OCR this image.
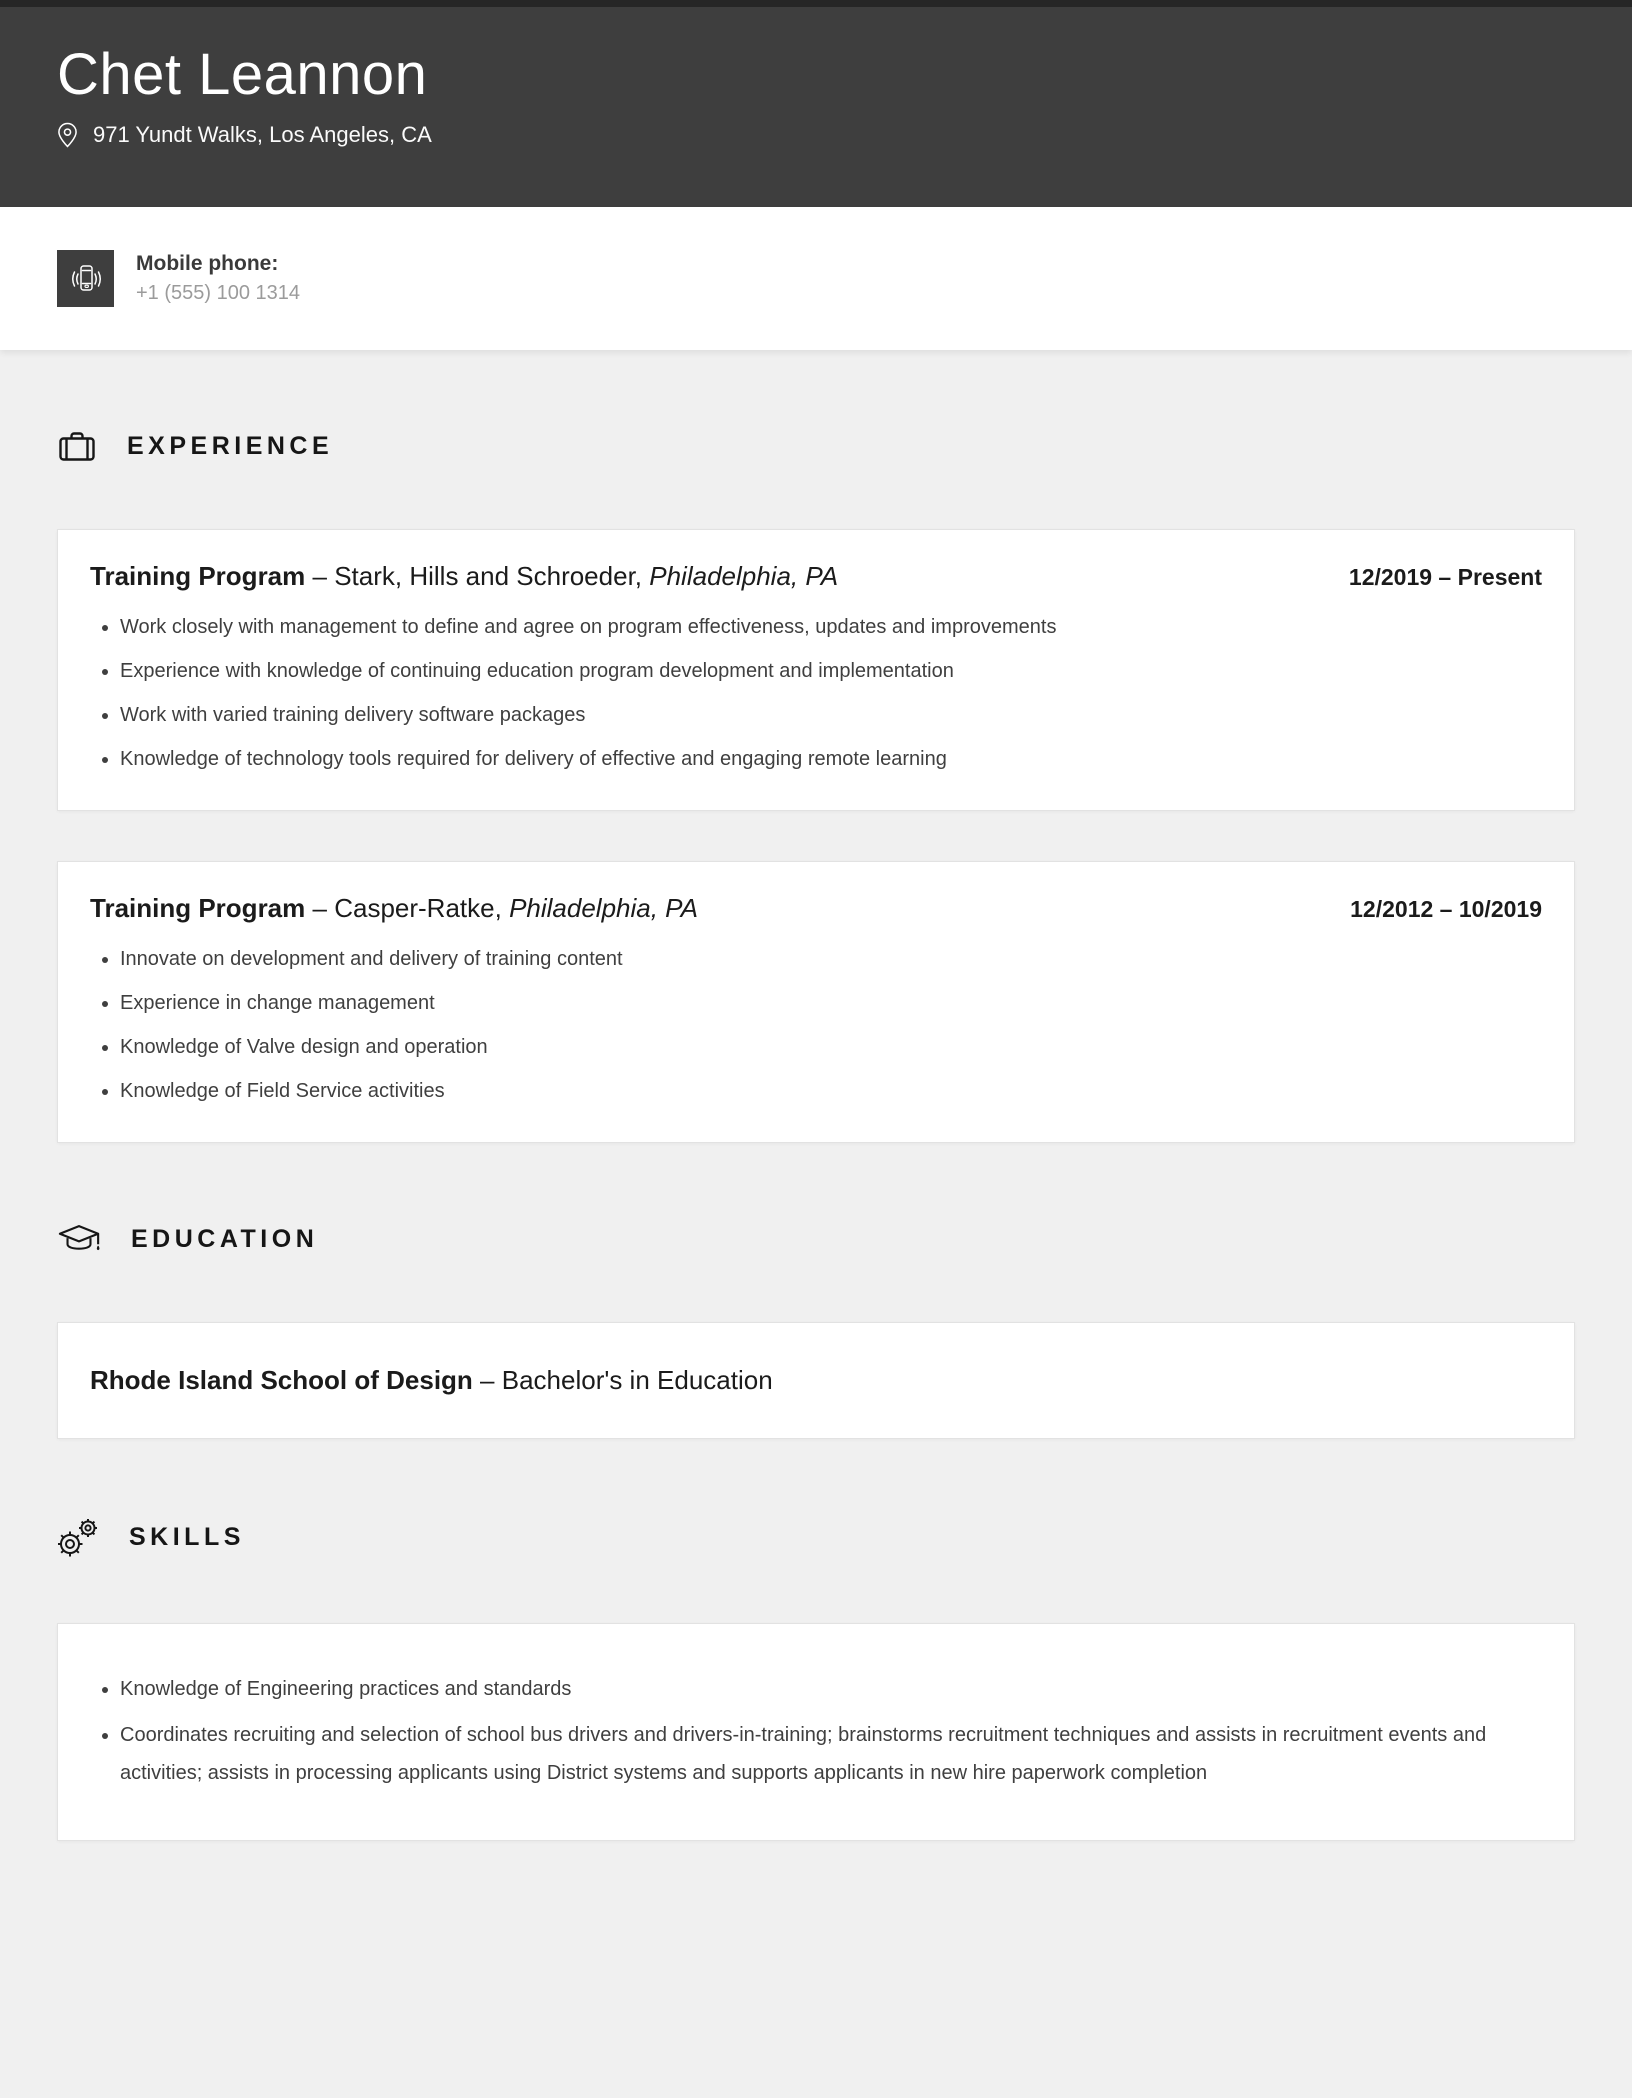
Chet Leannon
971 Yundt Walks, Los Angeles, CA
Mobile phone:
+1 (555) 100 1314
EXPERIENCE
Training Program – Stark, Hills and Schroeder, Philadelphia, PA	12/2019 – Present
• Work closely with management to define and agree on program effectiveness, updates and improvements
• Experience with knowledge of continuing education program development and implementation
• Work with varied training delivery software packages
• Knowledge of technology tools required for delivery of effective and engaging remote learning
Training Program – Casper-Ratke, Philadelphia, PA	12/2012 – 10/2019
• Innovate on development and delivery of training content
• Experience in change management
• Knowledge of Valve design and operation
• Knowledge of Field Service activities
EDUCATION
Rhode Island School of Design – Bachelor's in Education
SKILLS
• Knowledge of Engineering practices and standards
• Coordinates recruiting and selection of school bus drivers and drivers-in-training; brainstorms recruitment techniques and assists in recruitment events and activities; assists in processing applicants using District systems and supports applicants in new hire paperwork completion
